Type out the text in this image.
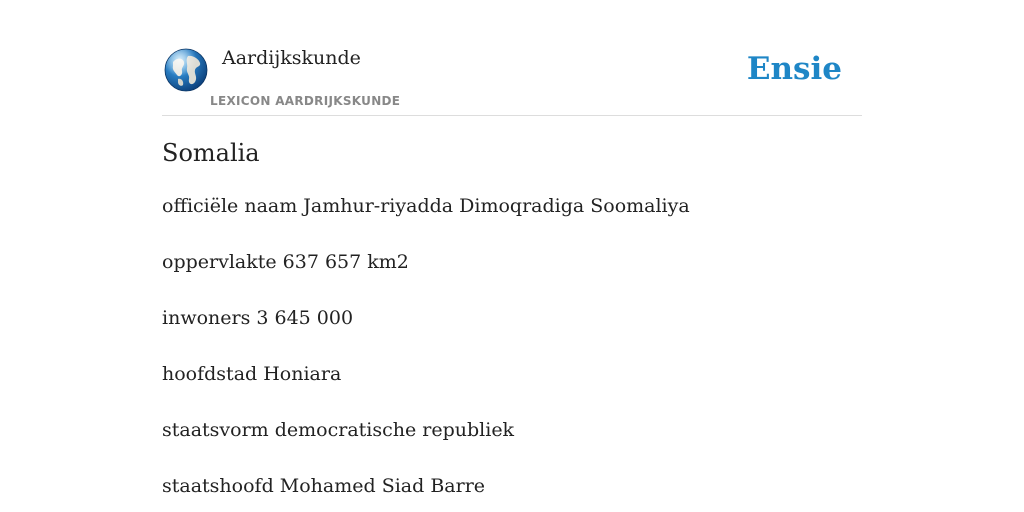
Aardijkskunde
LEXICON AARDRIJKSKUNDE
Ensie
Somalia
officiële naam Jamhur-riyadda Dimoqradiga Soomaliya
oppervlakte 637 657 km2
inwoners 3 645 000
hoofdstad Honiara
staatsvorm democratische republiek
staatshoofd Mohamed Siad Barre
